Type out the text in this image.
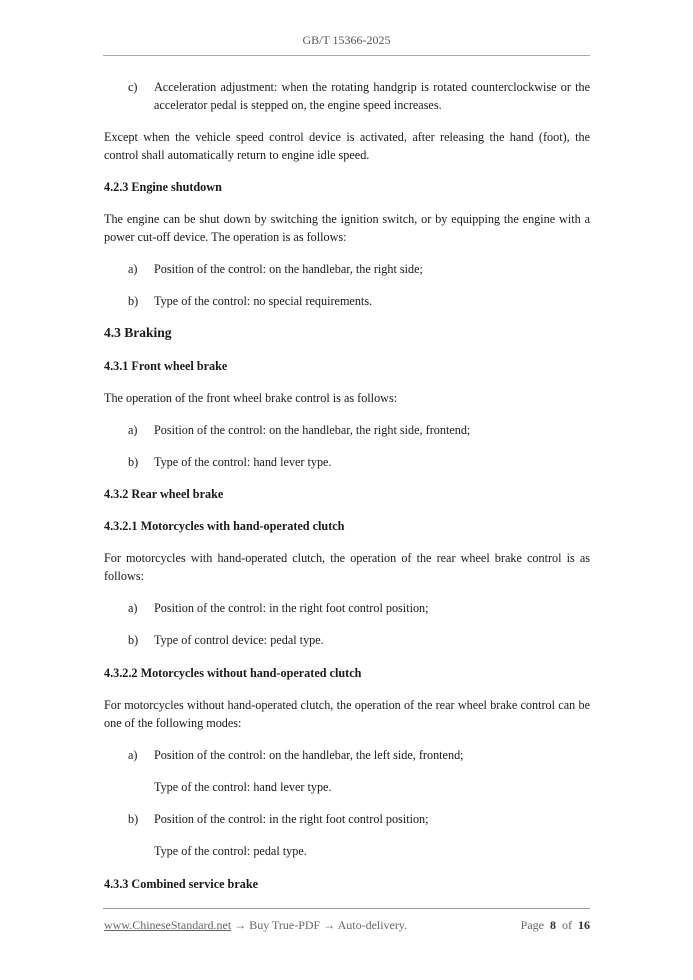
GB/T 15366-2025
c)	Acceleration adjustment: when the rotating handgrip is rotated counterclockwise or the accelerator pedal is stepped on, the engine speed increases.
Except when the vehicle speed control device is activated, after releasing the hand (foot), the control shall automatically return to engine idle speed.
4.2.3 Engine shutdown
The engine can be shut down by switching the ignition switch, or by equipping the engine with a power cut-off device. The operation is as follows:
a)	Position of the control: on the handlebar, the right side;
b)	Type of the control: no special requirements.
4.3 Braking
4.3.1 Front wheel brake
The operation of the front wheel brake control is as follows:
a)	Position of the control: on the handlebar, the right side, frontend;
b)	Type of the control: hand lever type.
4.3.2 Rear wheel brake
4.3.2.1 Motorcycles with hand-operated clutch
For motorcycles with hand-operated clutch, the operation of the rear wheel brake control is as follows:
a)	Position of the control: in the right foot control position;
b)	Type of control device: pedal type.
4.3.2.2 Motorcycles without hand-operated clutch
For motorcycles without hand-operated clutch, the operation of the rear wheel brake control can be one of the following modes:
a)	Position of the control: on the handlebar, the left side, frontend;
Type of the control: hand lever type.
b)	Position of the control: in the right foot control position;
Type of the control: pedal type.
4.3.3 Combined service brake
www.ChineseStandard.net → Buy True-PDF → Auto-delivery.	Page 8 of 16
